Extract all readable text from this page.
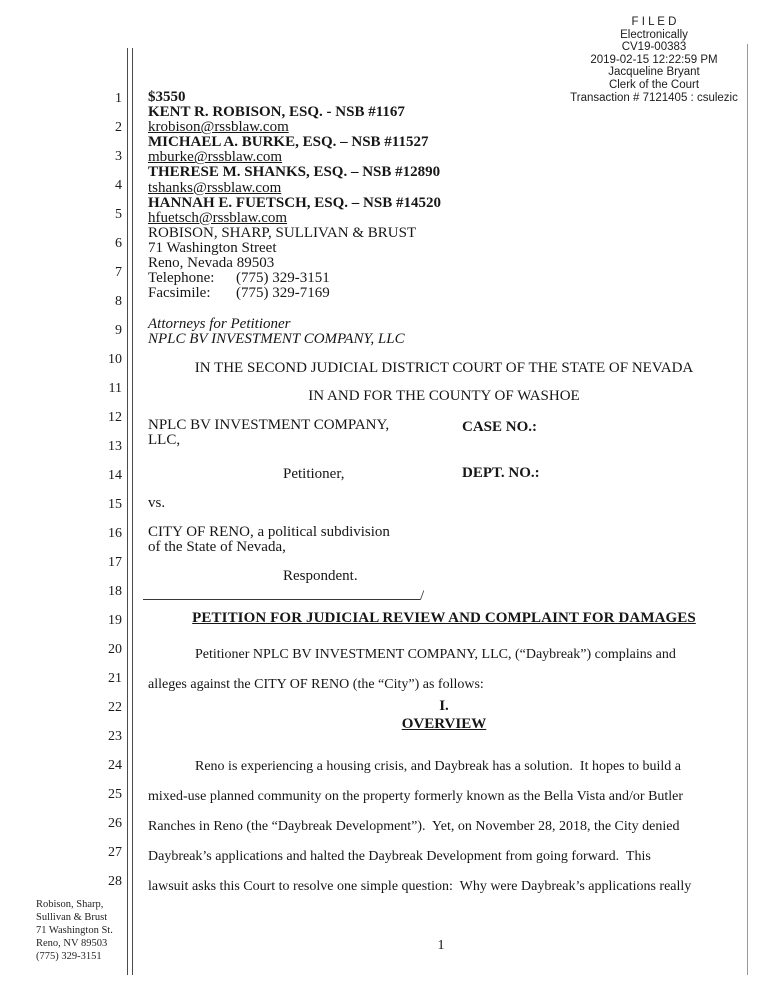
F I L E D
Electronically
CV19-00383
2019-02-15 12:22:59 PM
Jacqueline Bryant
Clerk of the Court
Transaction # 7121405 : csulezic
1
2
3
4
5
6
7
8
9
10
11
12
13
14
15
16
17
18
19
20
21
22
23
24
25
26
27
28
$3550
KENT R. ROBISON, ESQ. - NSB #1167
krobison@rssblaw.com
MICHAEL A. BURKE, ESQ. – NSB #11527
mburke@rssblaw.com
THERESE M. SHANKS, ESQ. – NSB #12890
tshanks@rssblaw.com
HANNAH E. FUETSCH, ESQ. – NSB #14520
hfuetsch@rssblaw.com
ROBISON, SHARP, SULLIVAN & BRUST
71 Washington Street
Reno, Nevada 89503
Telephone: (775) 329-3151
Facsimile: (775) 329-7169
Attorneys for Petitioner
NPLC BV INVESTMENT COMPANY, LLC
IN THE SECOND JUDICIAL DISTRICT COURT OF THE STATE OF NEVADA
IN AND FOR THE COUNTY OF WASHOE
NPLC BV INVESTMENT COMPANY,
LLC,
CASE NO.:
Petitioner,	DEPT. NO.:
vs.
CITY OF RENO, a political subdivision
of the State of Nevada,
Respondent.
/
PETITION FOR JUDICIAL REVIEW AND COMPLAINT FOR DAMAGES
Petitioner NPLC BV INVESTMENT COMPANY, LLC, (“Daybreak”) complains and
alleges against the CITY OF RENO (the “City”) as follows:
I.
OVERVIEW
Reno is experiencing a housing crisis, and Daybreak has a solution.  It hopes to build a
mixed-use planned community on the property formerly known as the Bella Vista and/or Butler
Ranches in Reno (the “Daybreak Development”).  Yet, on November 28, 2018, the City denied
Daybreak’s applications and halted the Daybreak Development from going forward.  This
lawsuit asks this Court to resolve one simple question:  Why were Daybreak’s applications really
Robison, Sharp,
Sullivan & Brust
71 Washington St.
Reno, NV 89503
(775) 329-3151
1
